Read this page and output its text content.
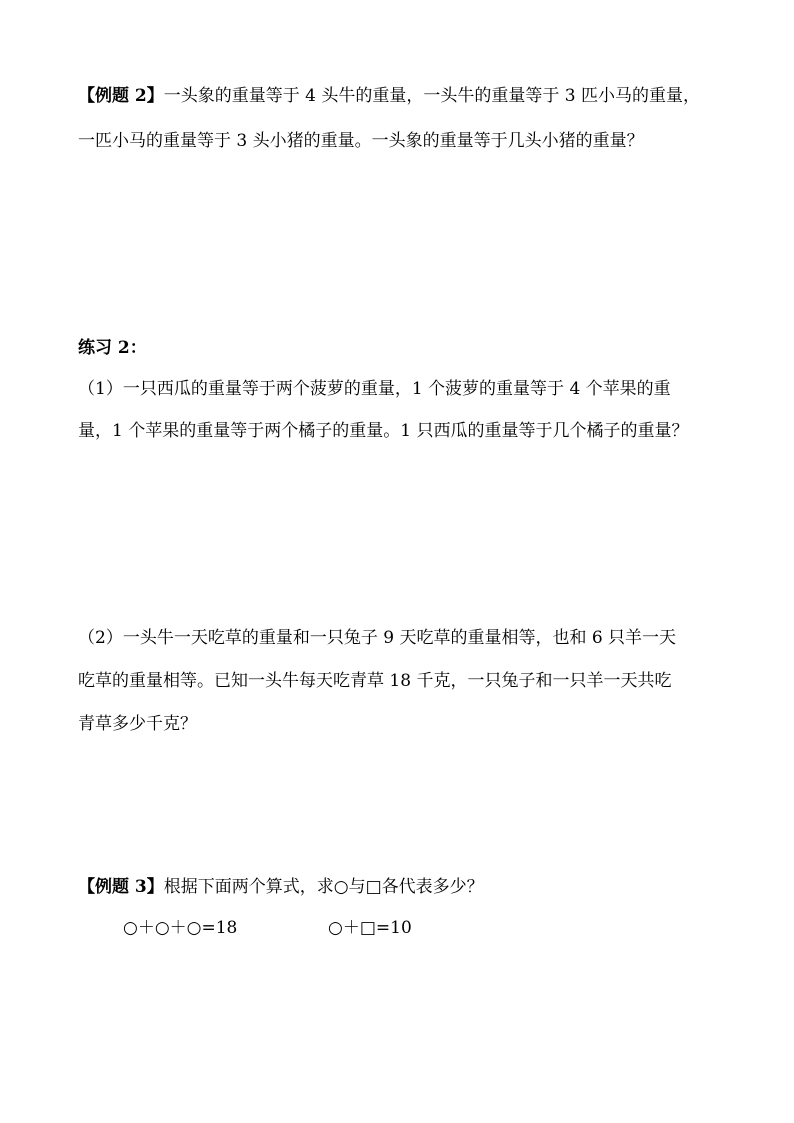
【例题 2】一头象的重量等于 4 头牛的重量，一头牛的重量等于 3 匹小马的重量，
一匹小马的重量等于 3 头小猪的重量。一头象的重量等于几头小猪的重量？
练习 2：
（1）一只西瓜的重量等于两个菠萝的重量，1 个菠萝的重量等于 4 个苹果的重
量，1 个苹果的重量等于两个橘子的重量。1 只西瓜的重量等于几个橘子的重量？
（2）一头牛一天吃草的重量和一只兔子 9 天吃草的重量相等，也和 6 只羊一天
吃草的重量相等。已知一头牛每天吃青草 18 千克，一只兔子和一只羊一天共吃
青草多少千克？
【例题 3】根据下面两个算式，求○与□各代表多少？
○＋○＋○=18	○＋□=10
